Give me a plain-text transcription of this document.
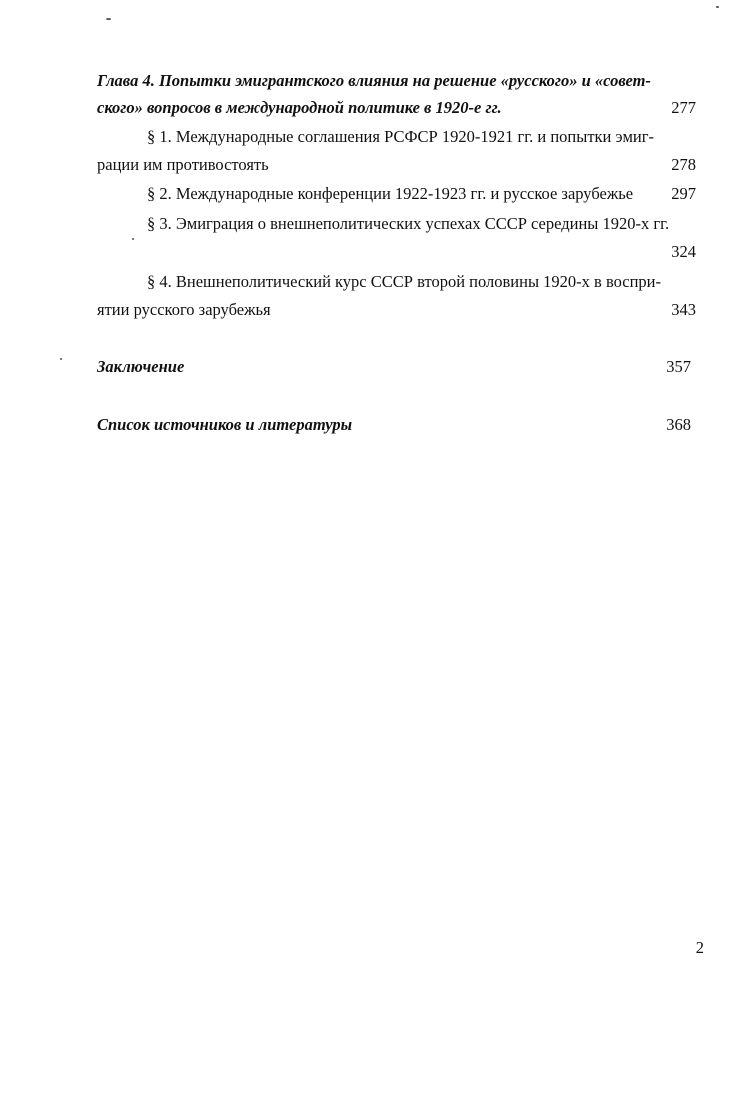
Глава 4. Попытки эмигрантского влияния на решение «русского» и «совет-
ского» вопросов в международной политике в 1920-е гг.	277
§ 1. Международные соглашения РСФСР 1920-1921 гг. и попытки эмиг-
рации им противостоять	278
§ 2. Международные конференции 1922-1923 гг. и русское зарубежье	297
§ 3. Эмиграция о внешнеполитических успехах СССР середины 1920-х гг.
324
§ 4. Внешнеполитический курс СССР второй половины 1920-х в воспри-
ятии русского зарубежья	343
Заключение	357
Список источников и литературы	368
2
